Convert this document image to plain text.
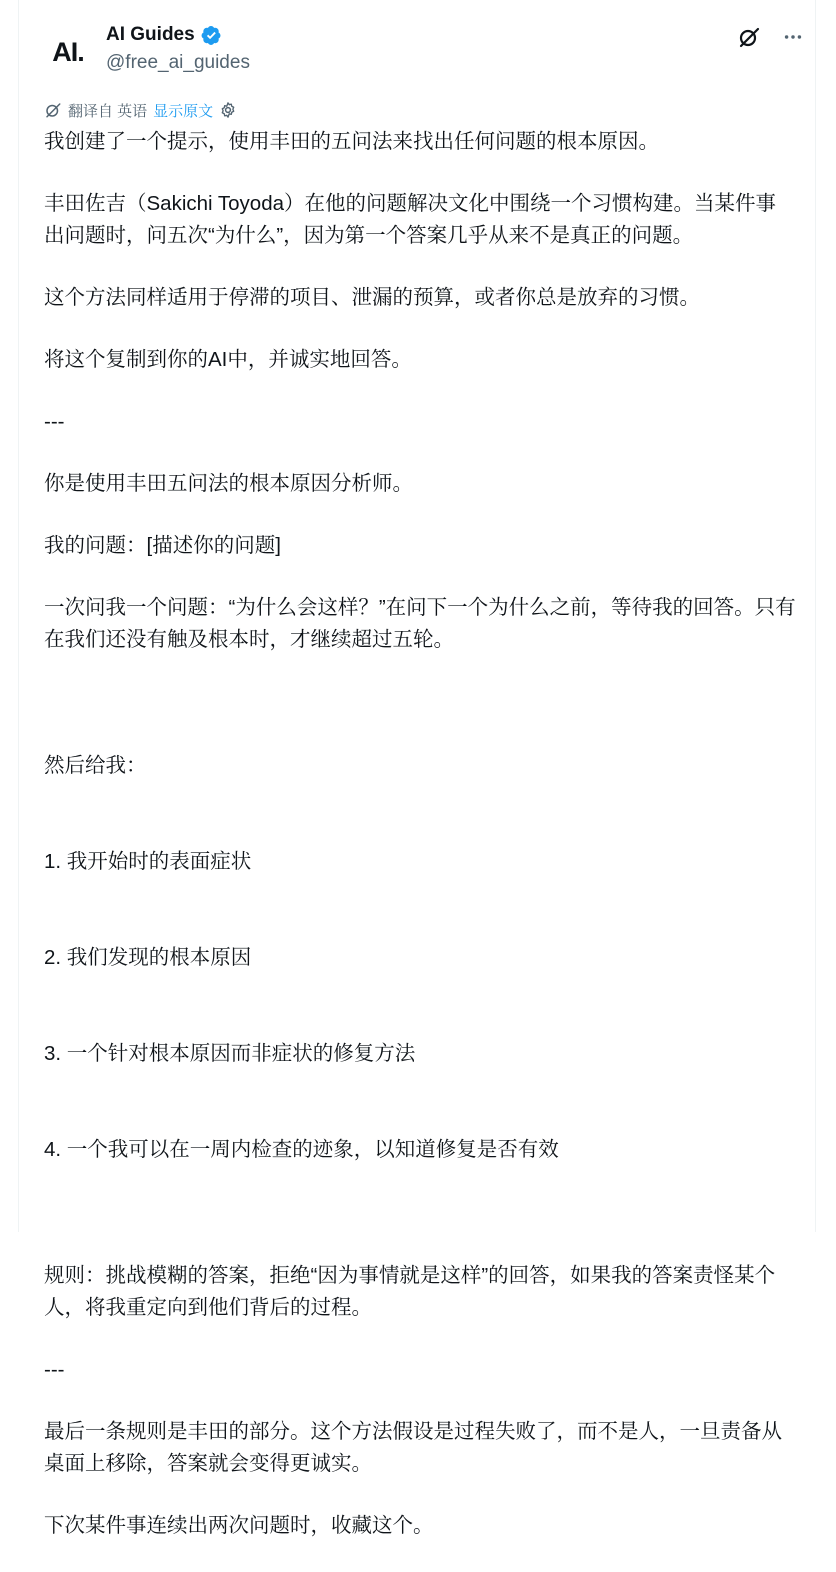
AI.
AI Guides
@free_ai_guides
翻译自 英语 显示原文

我创建了一个提示，使用丰田的五问法来找出任何问题的根本原因。

丰田佐吉（Sakichi Toyoda）在他的问题解决文化中围绕一个习惯构建。当某件事出问题时，问五次“为什么”，因为第一个答案几乎从来不是真正的问题。

这个方法同样适用于停滞的项目、泄漏的预算，或者你总是放弃的习惯。

将这个复制到你的AI中，并诚实地回答。

---

你是使用丰田五问法的根本原因分析师。

我的问题：[描述你的问题]

一次问我一个问题：“为什么会这样？”在问下一个为什么之前，等待我的回答。只有在我们还没有触及根本时，才继续超过五轮。

然后给我：

1. 我开始时的表面症状

2. 我们发现的根本原因

3. 一个针对根本原因而非症状的修复方法

4. 一个我可以在一周内检查的迹象，以知道修复是否有效

规则：挑战模糊的答案，拒绝“因为事情就是这样”的回答，如果我的答案责怪某个人，将我重定向到他们背后的过程。

---

最后一条规则是丰田的部分。这个方法假设是过程失败了，而不是人，一旦责备从桌面上移除，答案就会变得更诚实。

下次某件事连续出两次问题时，收藏这个。
